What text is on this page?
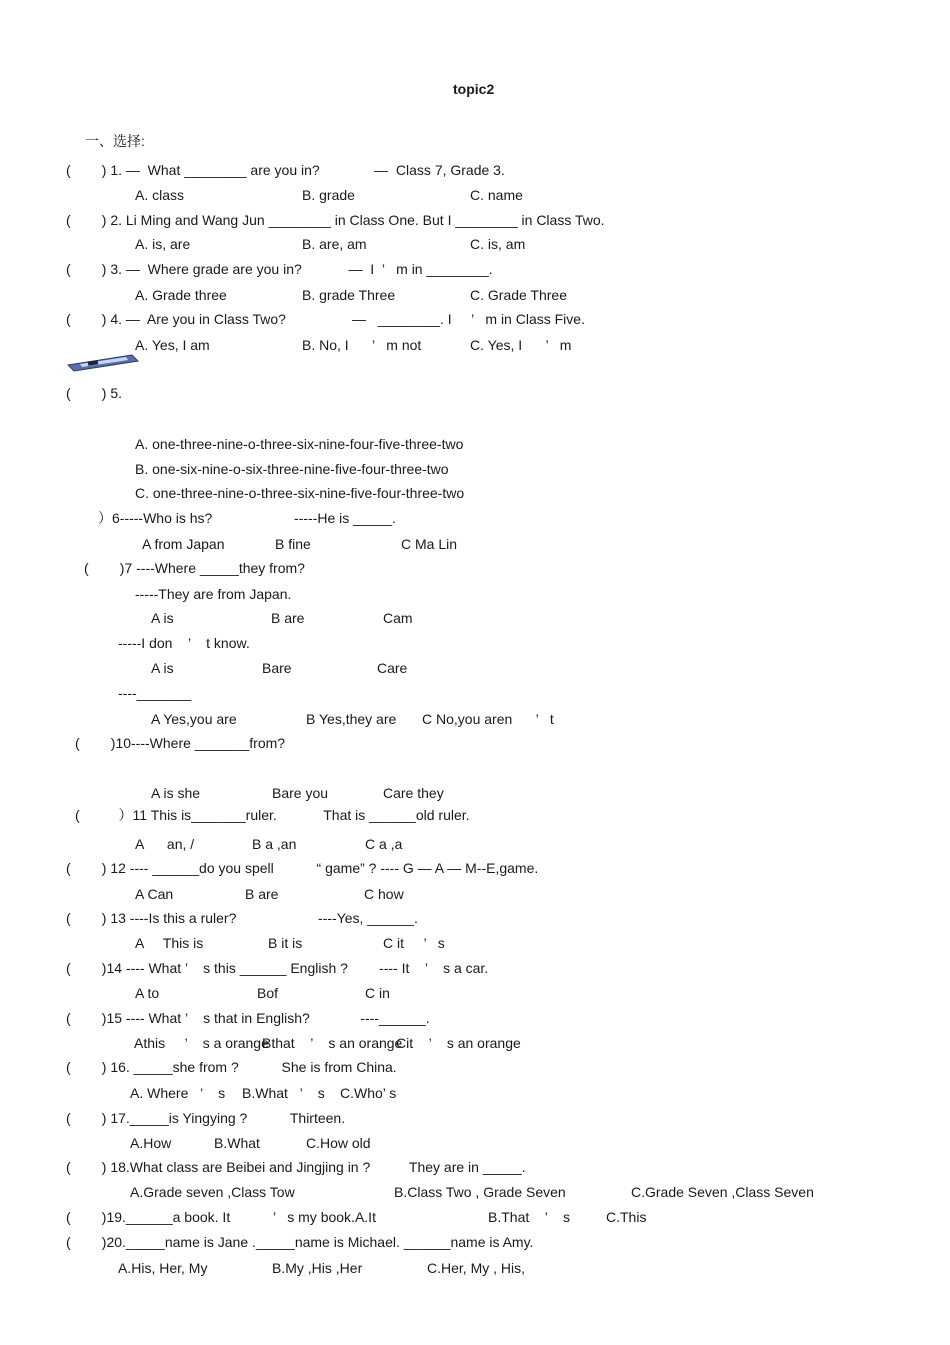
topic2
一、选择:
(        ) 1. —  What ________ are you in?              —  Class 7, Grade 3.
A. class	B. grade	C. name
(        ) 2. Li Ming and Wang Jun ________ in Class One. But I ________ in Class Two.
A. is, are	B. are, am	C. is, am
(        ) 3. —  Where grade are you in?            —  I  ’   m in ________.
A. Grade three	B. grade Three	C. Grade Three
(        ) 4. —  Are you in Class Two?                 —   ________. I     ’   m in Class Five.
A. Yes, I am	B. No, I      ’   m not	C. Yes, I      ’   m
(        ) 5.
A. one-three-nine-o-three-six-nine-four-five-three-two
B. one-six-nine-o-six-three-nine-five-four-three-two
C. one-three-nine-o-three-six-nine-five-four-three-two
）6-----Who is hs?                     -----He is _____.
A from Japan	B fine	C Ma Lin
(        )7 ----Where _____they from?
-----They are from Japan.
A is	B are	Cam
-----I don    ’    t know.
A is	Bare	Care
----_______
A Yes,you are	B Yes,they are C No,you aren      ’   t
(        )10----Where _______from?
A is she	Bare you	Care they
(          ）11 This is_______ruler.            That is ______old ruler.
A      an, /	B a ,an	C a ,a
(        ) 12 ---- ______do you spell           “ game” ? ---- G — A — M--E,game.
A Can	B are	C how
(        ) 13 ----Is this a ruler?                     ----Yes, ______.
A     This is	B it is	C it     ’   s
(        )14 ---- What ’    s this ______ English ?        ---- It    ’    s a car.
A to	Bof	C in
(        )15 ---- What ’    s that in English?             ----______.
Athis     ’    s a orange
Bthat    ’    s an orange
Cit    ’    s an orange
(        ) 16. _____she from ?           She is from China.
A. Where   ’    s B.What   ’    s C.Who’ s
(        ) 17._____is Yingying ?           Thirteen.
A.How	B.What	C.How old
(        ) 18.What class are Beibei and Jingjing in ?          They are in _____.
A.Grade seven ,Class Tow	B.Class Two , Grade Seven	C.Grade Seven ,Class Seven
(        )19.______a book. It           ’   s my book.A.It	B.That    ’    s	C.This
(        )20._____name is Jane ._____name is Michael. ______name is Amy.
A.His, Her, My	B.My ,His ,Her	C.Her, My , His,
